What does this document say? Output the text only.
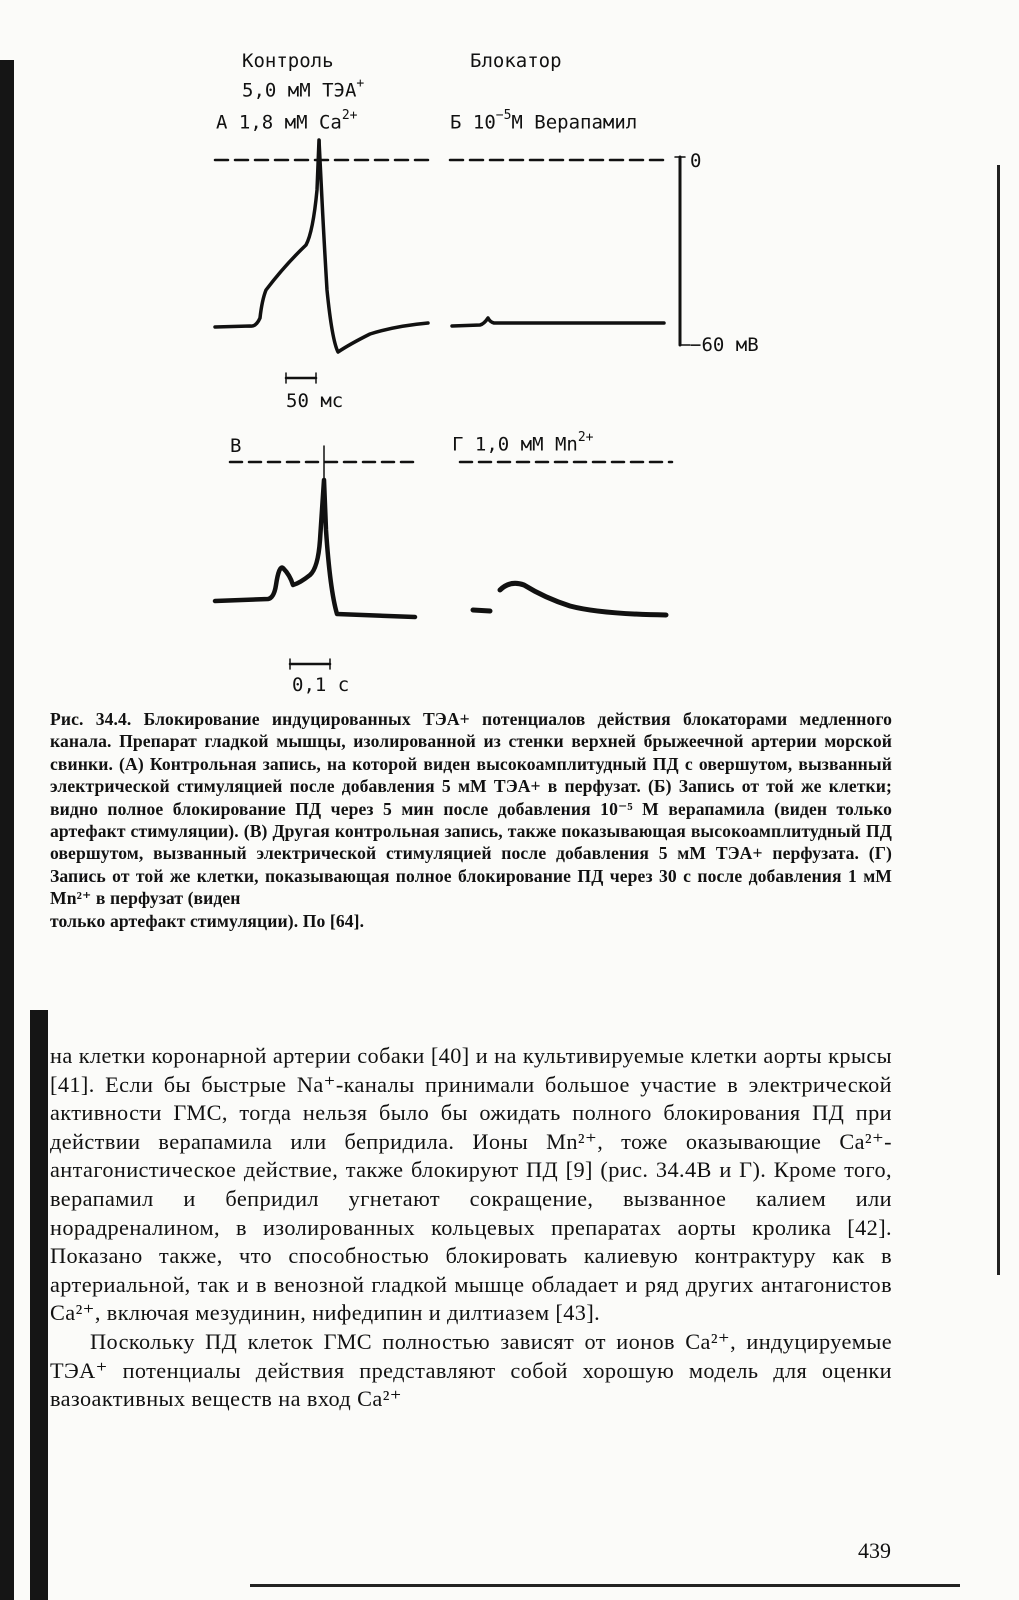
Контроль	Блокатор
5,0 мМ ТЭА+
А 1,8 мМ $Са^{2+}$	Б $10^{-5}М$ Верапамил
0
−60 мВ
50 мс
В	Г 1,0 мМ $Mn^{2+}$
0,1 с

Рис. 34.4. Блокирование индуцированных ТЭА+ потенциалов действия блокаторами медленного канала. Препарат гладкой мышцы, изолированной из стенки верхней брыжеечной артерии морской свинки. (А) Контрольная запись, на которой виден высокоамплитудный ПД с овершутом, вызванный электрической стимуляцией после добавления 5 мМ ТЭА+ в перфузат. (Б) Запись от той же клетки; видно полное блокирование ПД через 5 мин после добавления 10⁻⁵ М верапамила (виден только артефакт стимуляции). (В) Другая контрольная запись, также показывающая высокоамплитудный ПД овершутом, вызванный электрической стимуляцией после добавления 5 мМ ТЭА+ перфузата. (Г) Запись от той же клетки, показывающая полное блокирование ПД через 30 с после добавления 1 мМ Mn²⁺ в перфузат (виден

только артефакт стимуляции). По [64].

на клетки коронарной артерии собаки [40] и на культивируемые клетки аорты крысы [41]. Если бы быстрые Na⁺-каналы принимали большое участие в электрической активности ГМС, тогда нельзя было бы ожидать полного блокирования ПД при действии верапамила или бепридила. Ионы Mn²⁺, тоже оказывающие Са²⁺-антагонистическое действие, также блокируют ПД [9] (рис. 34.4В и Г). Кроме того, верапамил и бепридил угнетают сокращение, вызванное калием или норадреналином, в изолированных кольцевых препаратах аорты кролика [42]. Показано также, что способностью блокировать калиевую контрактуру как в артериальной, так и в венозной гладкой мышце обладает и ряд других антагонистов Са²⁺, включая мезудинин, нифедипин и дилтиазем [43].

Поскольку ПД клеток ГМС полностью зависят от ионов Са²⁺, индуцируемые ТЭА⁺ потенциалы действия представляют собой хорошую модель для оценки вазоактивных веществ на вход Са²⁺

439
